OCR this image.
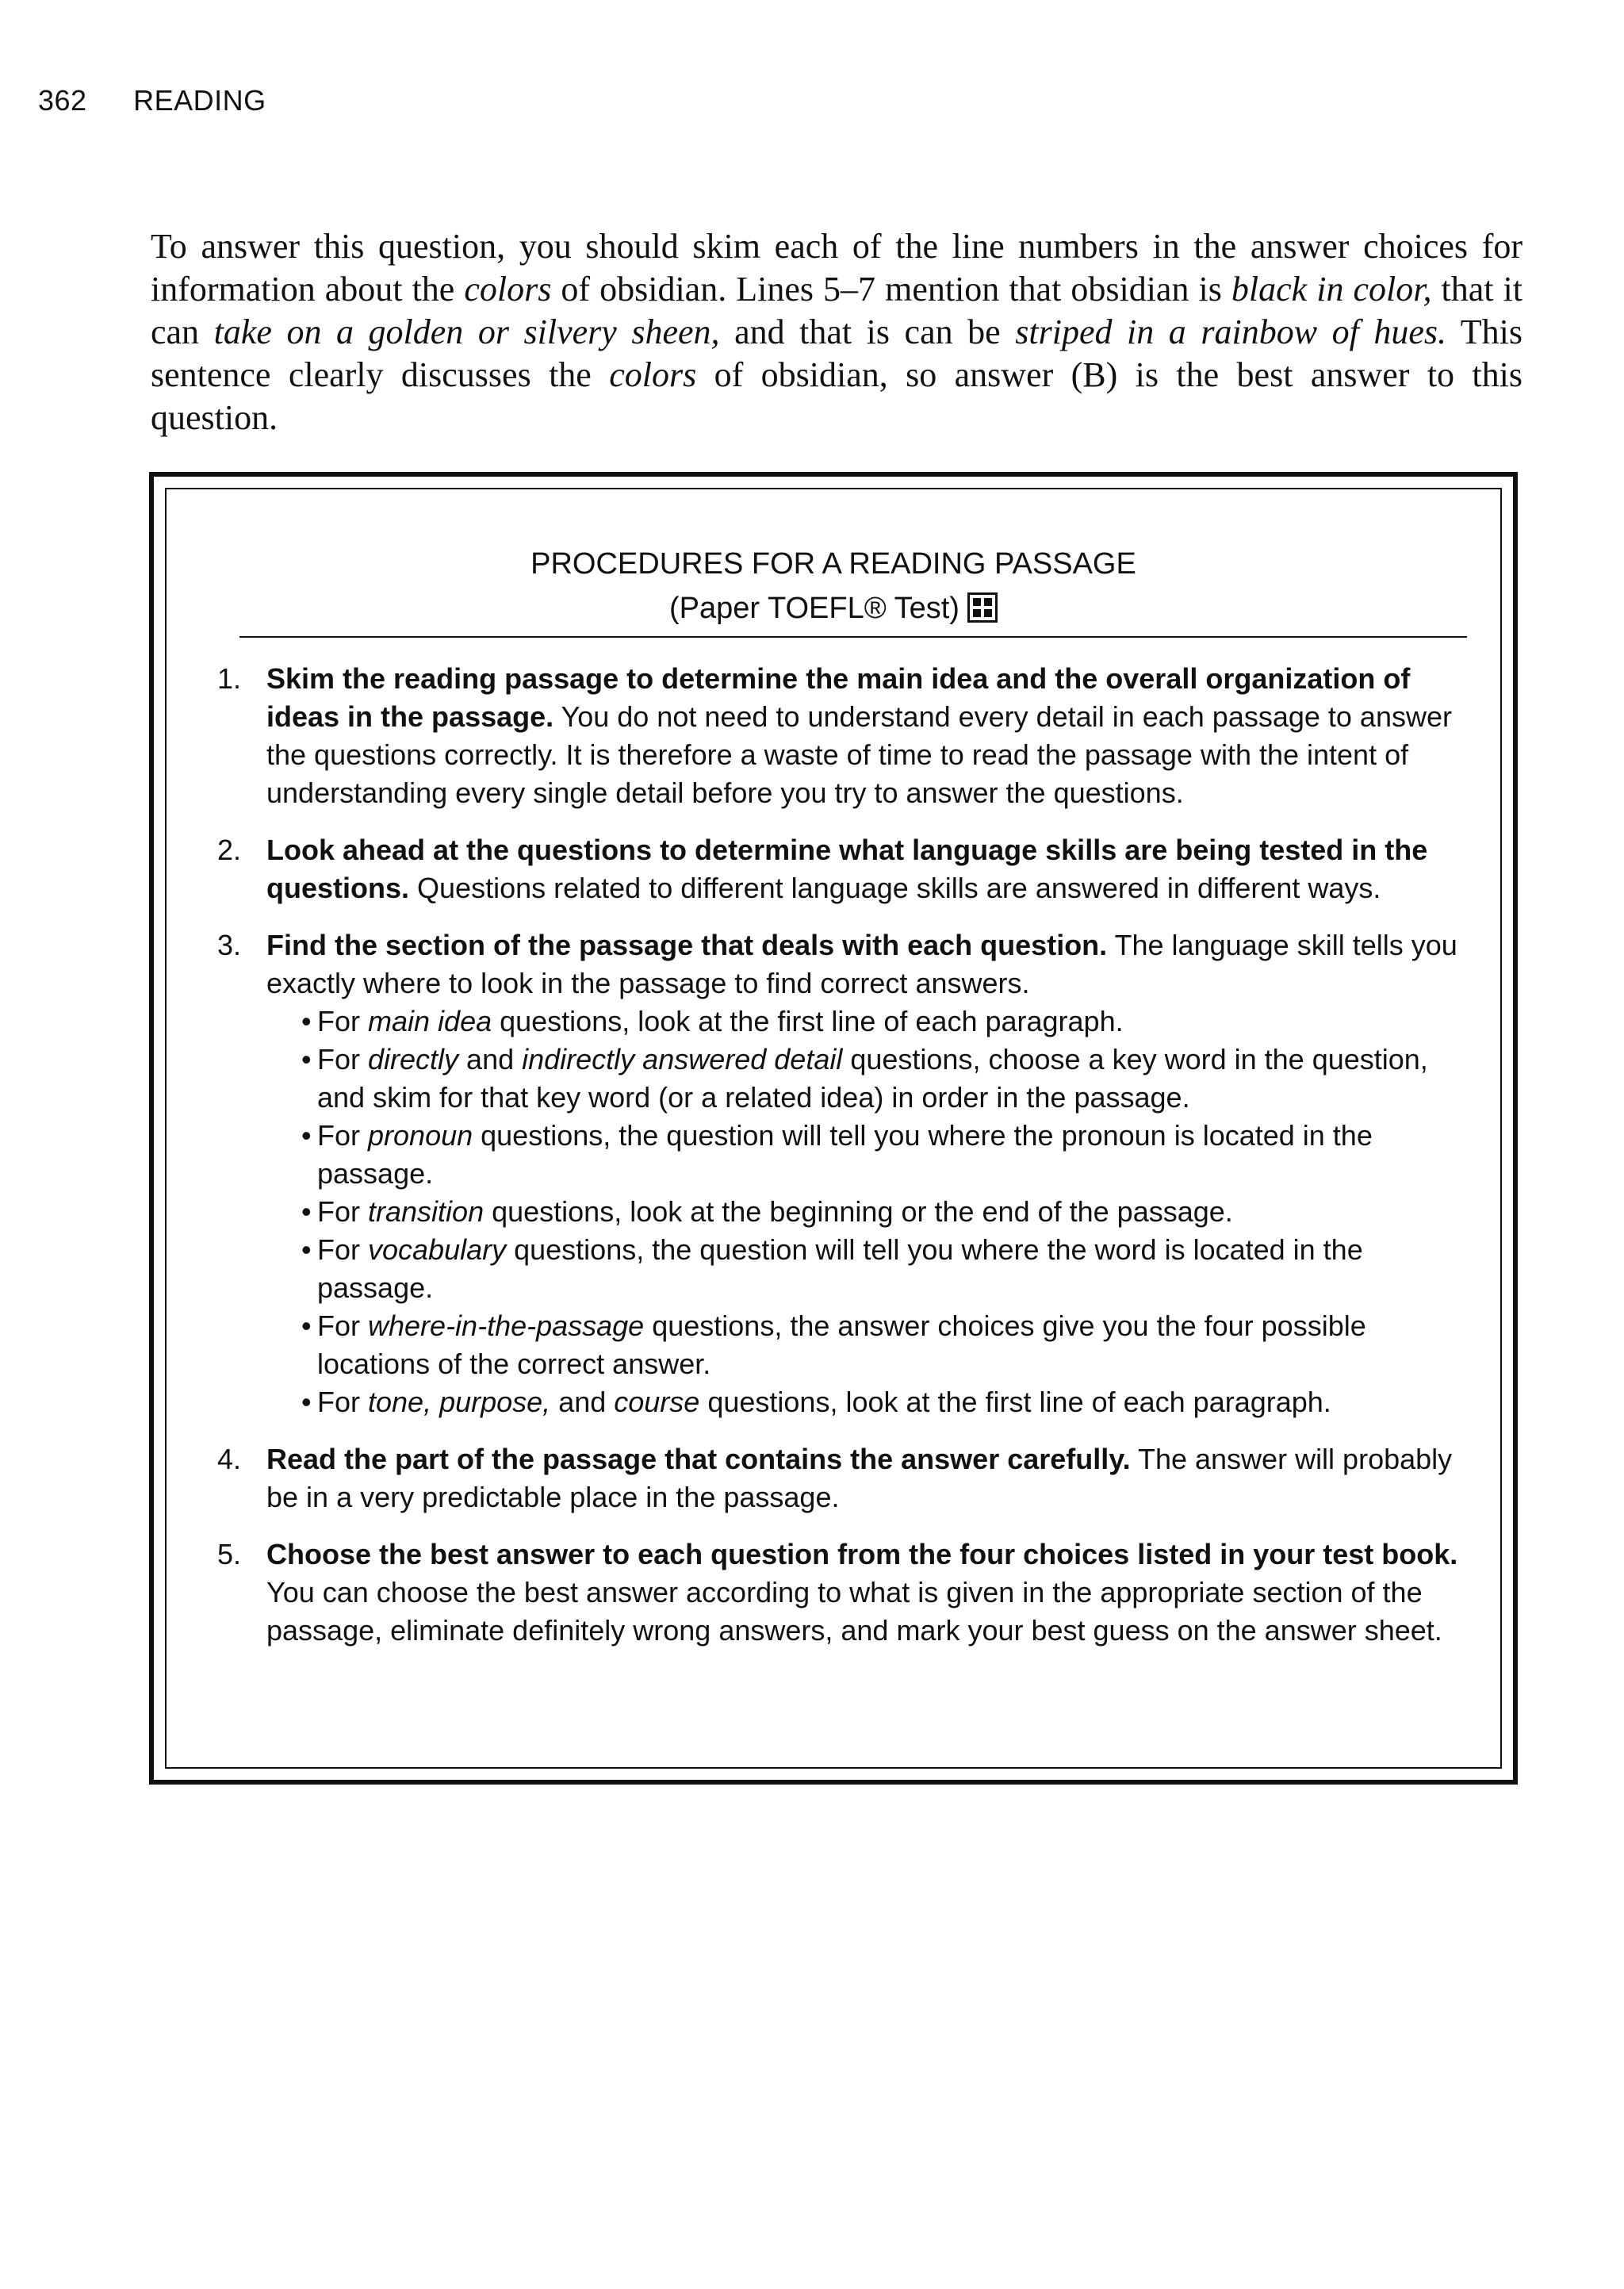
362 READING

To answer this question, you should skim each of the line numbers in the answer choices for information about the colors of obsidian. Lines 5–7 mention that obsidian is black in color, that it can take on a golden or silvery sheen, and that is can be striped in a rainbow of hues. This sentence clearly discusses the colors of obsidian, so answer (B) is the best answer to this question.

PROCEDURES FOR A READING PASSAGE
(Paper TOEFL® Test)
1. Skim the reading passage to determine the main idea and the overall organization of ideas in the passage. You do not need to understand every detail in each passage to answer the questions correctly. It is therefore a waste of time to read the passage with the intent of understanding every single detail before you try to answer the questions.
2. Look ahead at the questions to determine what language skills are being tested in the questions. Questions related to different language skills are answered in different ways.
3. Find the section of the passage that deals with each question. The language skill tells you exactly where to look in the passage to find correct answers.
• For main idea questions, look at the first line of each paragraph.
• For directly and indirectly answered detail questions, choose a key word in the question, and skim for that key word (or a related idea) in order in the passage.
• For pronoun questions, the question will tell you where the pronoun is located in the passage.
• For transition questions, look at the beginning or the end of the passage.
• For vocabulary questions, the question will tell you where the word is located in the passage.
• For where-in-the-passage questions, the answer choices give you the four possible locations of the correct answer.
• For tone, purpose, and course questions, look at the first line of each paragraph.
4. Read the part of the passage that contains the answer carefully. The answer will probably be in a very predictable place in the passage.
5. Choose the best answer to each question from the four choices listed in your test book. You can choose the best answer according to what is given in the appropriate section of the passage, eliminate definitely wrong answers, and mark your best guess on the answer sheet.
